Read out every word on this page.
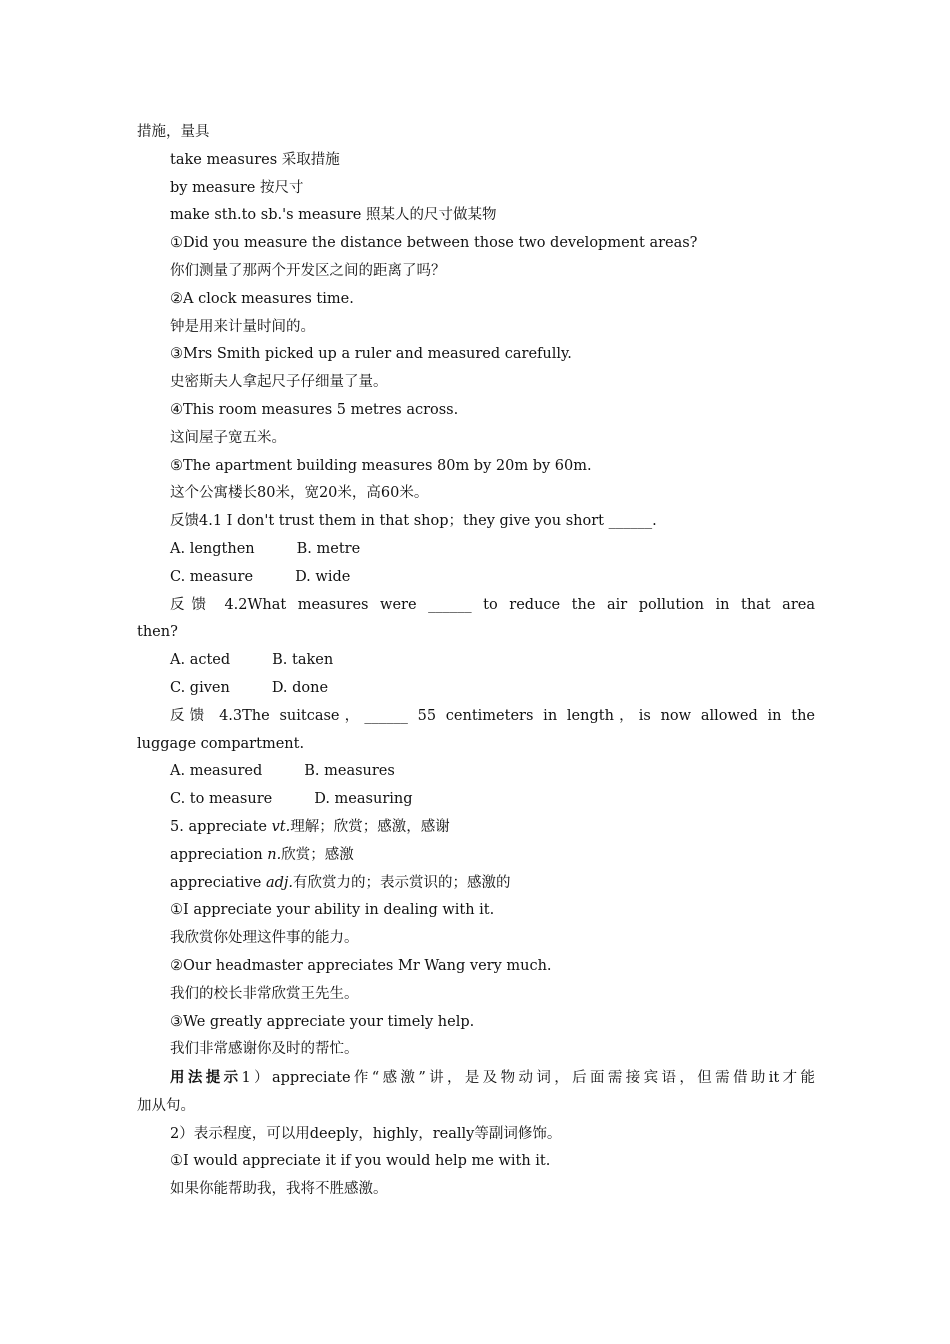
措施，量具
take measures 采取措施
by measure 按尺寸
make sth.to sb.'s measure 照某人的尺寸做某物
①Did you measure the distance between those two development areas?
你们测量了那两个开发区之间的距离了吗？
②A clock measures time.
钟是用来计量时间的。
③Mrs Smith picked up a ruler and measured carefully.
史密斯夫人拿起尺子仔细量了量。
④This room measures 5 metres across.
这间屋子宽五米。
⑤The apartment building measures 80m by 20m by 60m.
这个公寓楼长80米，宽20米，高60米。
反馈4.1 I don't trust them in that shop；they give you short ______.
A. lengthen	B. metre
C. measure	D. wide
反馈 4.2What measures were ______ to reduce the air pollution in that area
then?
A. acted	B. taken
C. given	D. done
反馈 4.3The suitcase，______ 55 centimeters in length，is now allowed in the
luggage compartment.
A. measured	B. measures
C. to measure	D. measuring
5. appreciate vt.理解；欣赏；感激，感谢
appreciation n.欣赏；感激
appreciative adj.有欣赏力的；表示赏识的；感激的
①I appreciate your ability in dealing with it.
我欣赏你处理这件事的能力。
②Our headmaster appreciates Mr Wang very much.
我们的校长非常欣赏王先生。
③We greatly appreciate your timely help.
我们非常感谢你及时的帮忙。
用法提示1）appreciate作“感激”讲，是及物动词，后面需接宾语，但需借助it才能
加从句。
2）表示程度，可以用deeply，highly，really等副词修饰。
①I would appreciate it if you would help me with it.
如果你能帮助我，我将不胜感激。
